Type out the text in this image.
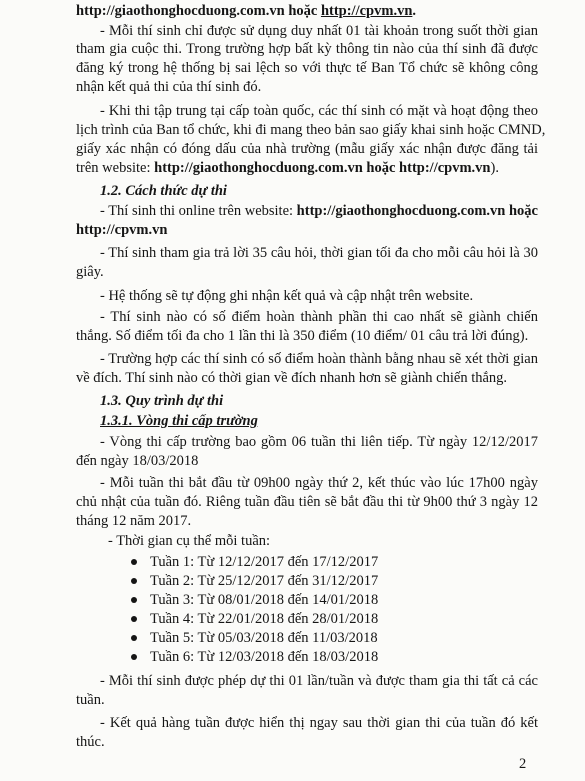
http://giaothonghocduong.com.vn hoặc http://cpvm.vn.
- Mỗi thí sinh chỉ được sử dụng duy nhất 01 tài khoản trong suốt thời gian
tham gia cuộc thi. Trong trường hợp bất kỳ thông tin nào của thí sinh đã được
đăng ký trong hệ thống bị sai lệch so với thực tế Ban Tổ chức sẽ không công
nhận kết quả thi của thí sinh đó.
- Khi thi tập trung tại cấp toàn quốc, các thí sinh có mặt và hoạt động theo
lịch trình của Ban tổ chức, khi đi mang theo bản sao giấy khai sinh hoặc CMND,
giấy xác nhận có đóng dấu của nhà trường (mẫu giấy xác nhận được đăng tải
trên website: http://giaothonghocduong.com.vn hoặc http://cpvm.vn).
1.2. Cách thức dự thi
- Thí sinh thi online trên website: http://giaothonghocduong.com.vn hoặc
http://cpvm.vn
- Thí sinh tham gia trả lời 35 câu hỏi, thời gian tối đa cho mỗi câu hỏi là 30
giây.
- Hệ thống sẽ tự động ghi nhận kết quả và cập nhật trên website.
- Thí sinh nào có số điểm hoàn thành phần thi cao nhất sẽ giành chiến
thắng. Số điểm tối đa cho 1 lần thi là 350 điểm (10 điểm/ 01 câu trả lời đúng).
- Trường hợp các thí sinh có số điểm hoàn thành bằng nhau sẽ xét thời gian
về đích. Thí sinh nào có thời gian về đích nhanh hơn sẽ giành chiến thắng.
1.3. Quy trình dự thi
1.3.1. Vòng thi cấp trường
- Vòng thi cấp trường bao gồm 06 tuần thi liên tiếp. Từ ngày 12/12/2017
đến ngày 18/03/2018
- Mỗi tuần thi bắt đầu từ 09h00 ngày thứ 2, kết thúc vào lúc 17h00 ngày
chủ nhật của tuần đó. Riêng tuần đầu tiên sẽ bắt đầu thi từ 9h00 thứ 3 ngày 12
tháng 12 năm 2017.
- Thời gian cụ thể mỗi tuần:
Tuần 1: Từ 12/12/2017 đến 17/12/2017
Tuần 2: Từ 25/12/2017 đến 31/12/2017
Tuần 3: Từ 08/01/2018 đến 14/01/2018
Tuần 4: Từ 22/01/2018 đến 28/01/2018
Tuần 5: Từ 05/03/2018 đến 11/03/2018
Tuần 6: Từ 12/03/2018 đến 18/03/2018
- Mỗi thí sinh được phép dự thi 01 lần/tuần và được tham gia thi tất cả các
tuần.
- Kết quả hàng tuần được hiển thị ngay sau thời gian thi của tuần đó kết
thúc.
2
